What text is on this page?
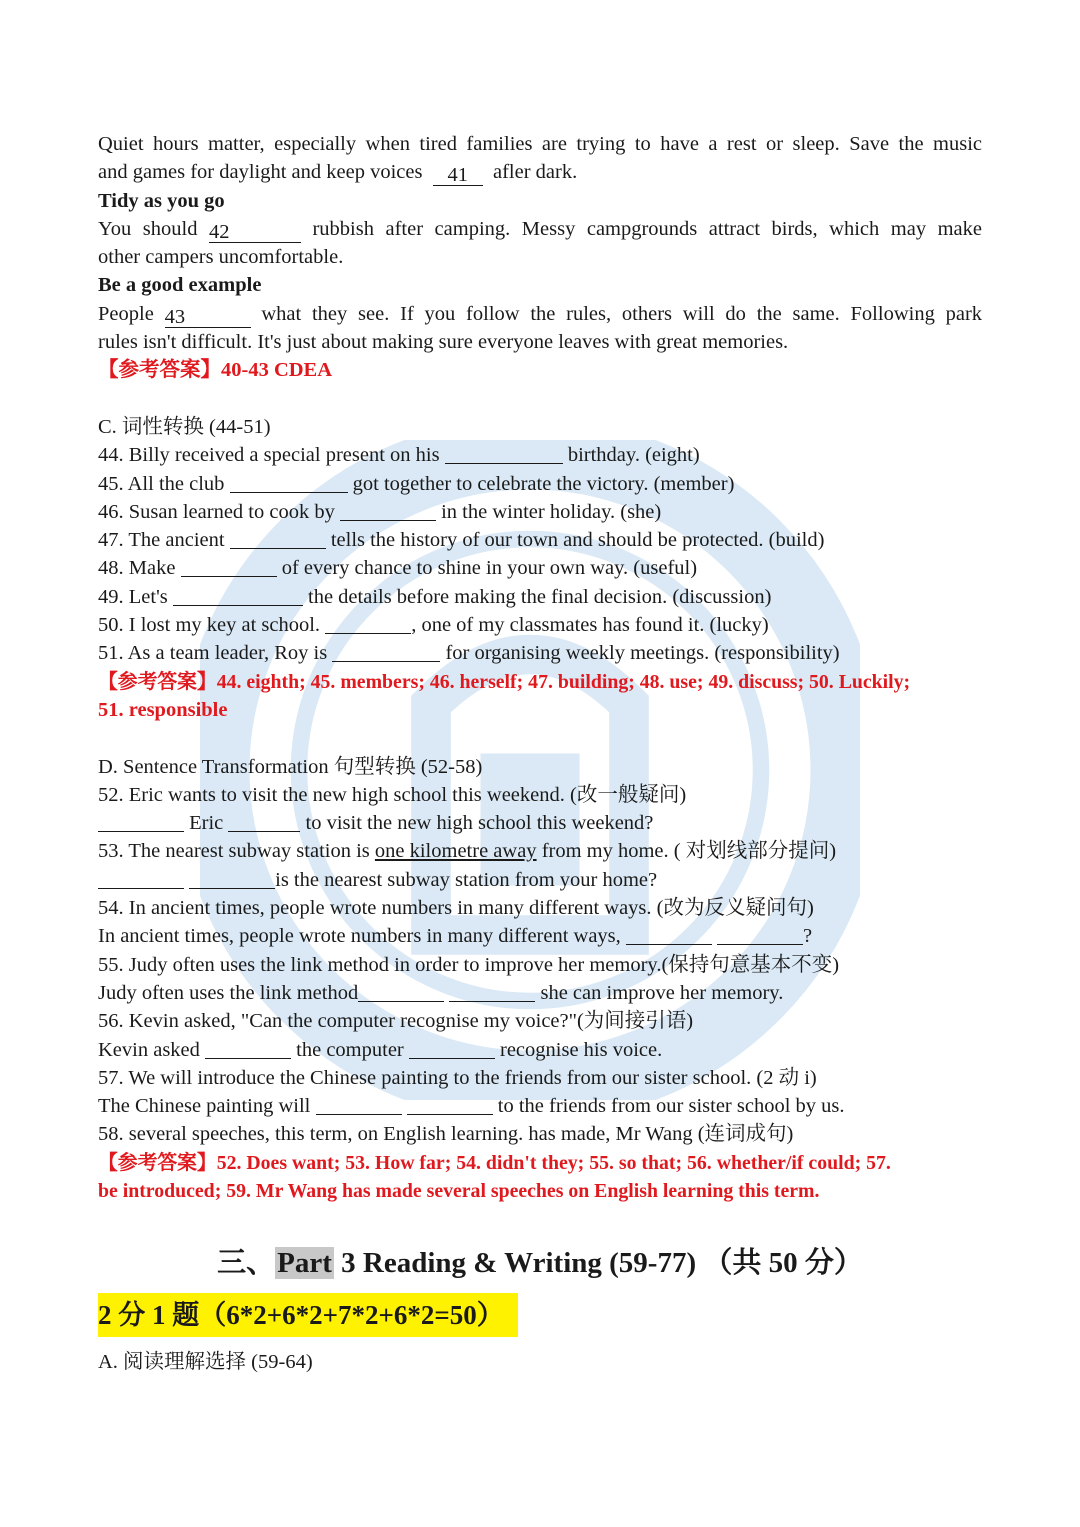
Quiet hours matter, especially when tired families are trying to have a rest or sleep. Save the music
and games for daylight and keep voices 41 afler dark.
Tidy as you go
You should 42	rubbish after camping. Messy campgrounds attract birds, which may make
other campers uncomfortable.
Be a good example
People 43	what they see. If you follow the rules, others will do the same. Following park
rules isn't difficult. It's just about making sure everyone leaves with great memories.
【参考答案】40-43 CDEA
C. 词性转换 (44-51)
44. Billy received a special present on his	birthday. (eight)
45. All the club	got together to celebrate the victory. (member)
46. Susan learned to cook by	in the winter holiday. (she)
47. The ancient	tells the history of our town and should be protected. (build)
48. Make	of every chance to shine in your own way. (useful)
49. Let's	the details before making the final decision. (discussion)
50. I lost my key at school.	, one of my classmates has found it. (lucky)
51. As a team leader, Roy is	for organising weekly meetings. (responsibility)
【参考答案】44. eighth; 45. members; 46. herself; 47. building; 48. use; 49. discuss; 50. Luckily;
51. responsible
D. Sentence Transformation 句型转换 (52-58)
52. Eric wants to visit the new high school this weekend. (改一般疑问)
Eric	to visit the new high school this weekend?
53. The nearest subway station is one kilometre away from my home. ( 对划线部分提问)
is the nearest subway station from your home?
54. In ancient times, people wrote numbers in many different ways. (改为反义疑问句)
In ancient times, people wrote numbers in many different ways,	?
55. Judy often uses the link method in order to improve her memory.(保持句意基本不变)
Judy often uses the link method	she can improve her memory.
56. Kevin asked, "Can the computer recognise my voice?"(为间接引语)
Kevin asked	the computer	recognise his voice.
57. We will introduce the Chinese painting to the friends from our sister school. (2 动 i)
The Chinese painting will	to the friends from our sister school by us.
58. several speeches, this term, on English learning. has made, Mr Wang (连词成句)
【参考答案】52. Does want; 53. How far; 54. didn't they; 55. so that; 56. whether/if could; 57.
be introduced; 59. Mr Wang has made several speeches on English learning this term.
三、Part 3 Reading & Writing (59-77) （共 50 分）
2 分 1 题（6*2+6*2+7*2+6*2=50）
A. 阅读理解选择 (59-64)
